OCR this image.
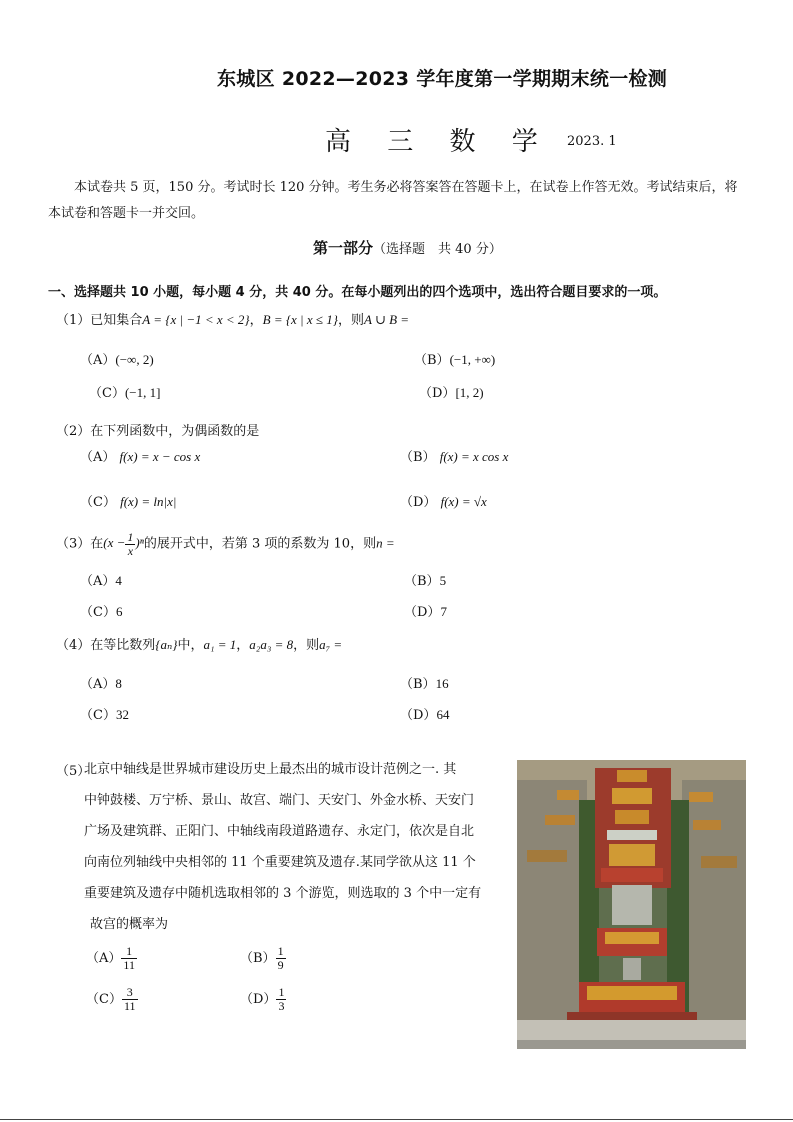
东城区 2022—2023 学年度第一学期期末统一检测
高 三 数 学 2023. 1
本试卷共 5 页，150 分。考试时长 120 分钟。考生务必将答案答在答题卡上，在试卷上作答无效。考试结束后，将本试卷和答题卡一并交回。
第一部分（选择题　共 40 分）
一、选择题共 10 小题，每小题 4 分，共 40 分。在每小题列出的四个选项中，选出符合题目要求的一项。
（1）已知集合A = {x | −1 < x < 2}，B = {x | x ≤ 1}，则A ∪ B =
（A）(−∞, 2)	（B）(−1, +∞)
（C）(−1, 1]	（D）[1, 2)
（2）在下列函数中，为偶函数的是
（A） f(x) = x − cos x	（B） f(x) = x cos x
（C） f(x) = ln|x|	（D） f(x) = √x
（3）在$(x - \frac{1}{x} )^n$的展开式中，若第 3 项的系数为 10，则n =
（A）4	（B）5
（C）6	（D）7
（4）在等比数列{aₙ}中，a₁ = 1，a₂a₃ = 8，则a₇ =
（A）8	（B）16
（C）32	（D）64
（5）
北京中轴线是世界城市建设历史上最杰出的城市设计范例之一. 其
中钟鼓楼、万宁桥、景山、故宫、端门、天安门、外金水桥、天安门
广场及建筑群、正阳门、中轴线南段道路遗存、永定门，依次是自北
向南位列轴线中央相邻的 11 个重要建筑及遗存.某同学欲从这 11 个
重要建筑及遗存中随机选取相邻的 3 个游览，则选取的 3 个中一定有
故宫的概率为
$(A) \frac{1}{11}$	$(B) \frac{1}{9}$
$(C) \frac{3}{11}$	$(D) \frac{1}{3}$
